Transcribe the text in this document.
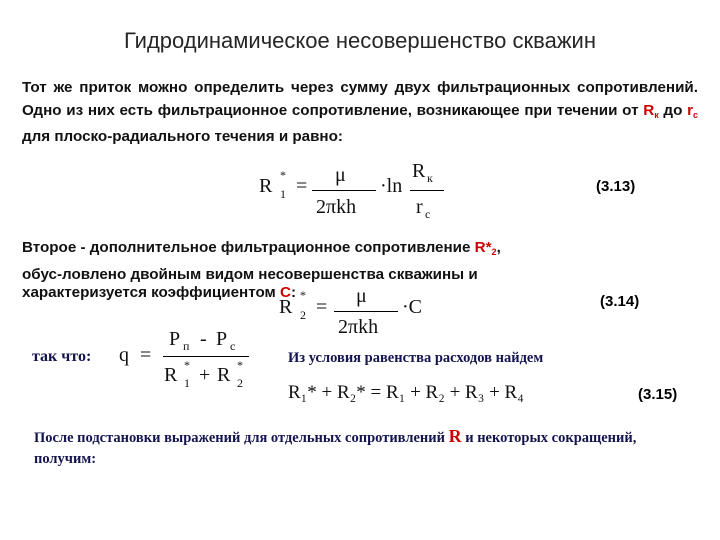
Гидродинамическое несовершенство скважин
Тот же приток можно определить через сумму двух фильтрационных сопротивлений. Одно из них есть фильтрационное сопротивление, возникающее при течении от $R_к$ до $r_с$ для плоско-радиального течения и равно:
R *
1 = μ
2πkh
·ln
R к
r с
(3.13)
Второе - дополнительное фильтрационное сопротивление $R*_2$,
обус-ловлено двойным видом несовершенства скважины и
характеризуется коэффициентом С:
R
*
2 = μ
2πkh
·С	(3.14)
так что: q =
P п - P с
R *
1 + R *
2
Из условия равенства расходов найдем
R₁* + R₂* = R₁ + R₂ + R₃ + R₄	(3.15)
После подстановки выражений для отдельных сопротивлений R и некоторых сокращений, получим:
